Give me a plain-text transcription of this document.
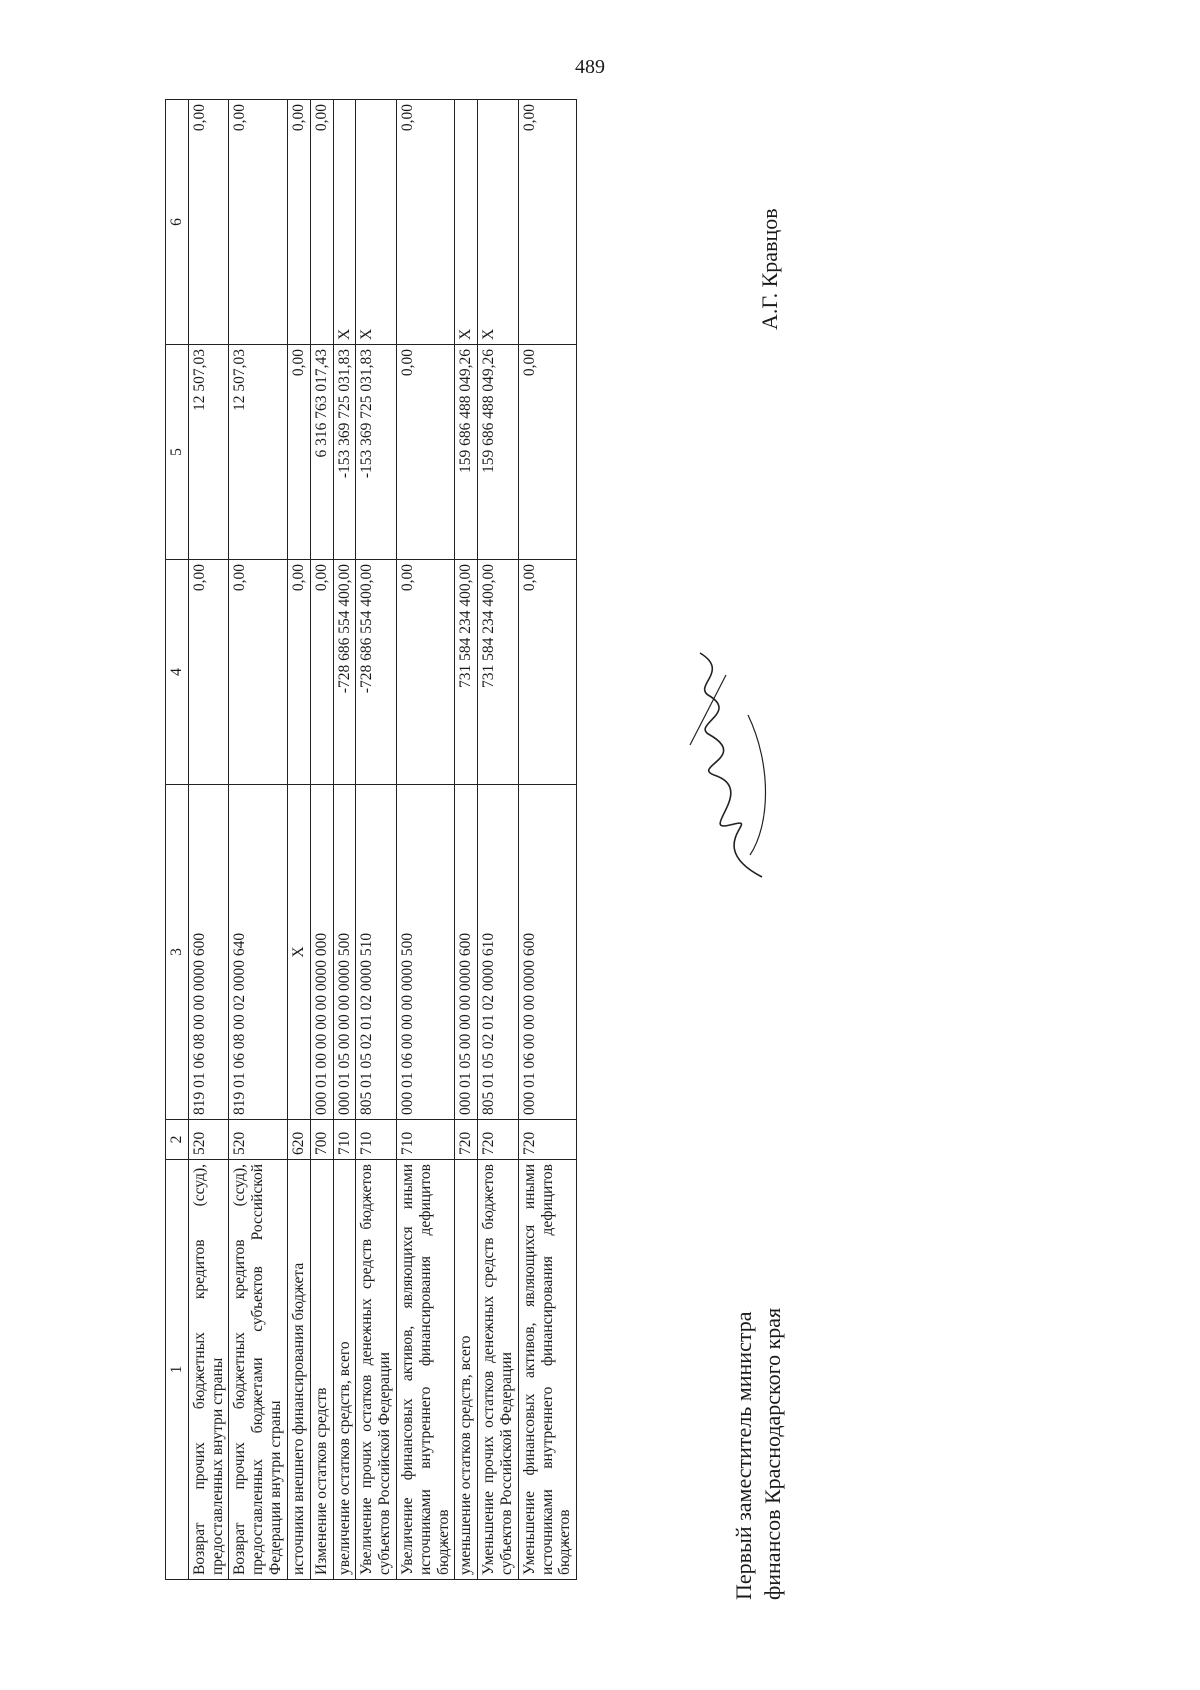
489
1	2	3	4	5	6
Возврат прочих бюджетных кредитов (ссуд), предоставленных внутри страны	520	819 01 06 08 00 00 0000 600	0,00	12 507,03	0,00
Возврат прочих бюджетных кредитов (ссуд), предоставленных бюджетами субъектов Российской Федерации внутри страны	520	819 01 06 08 00 02 0000 640	0,00	12 507,03	0,00
источники внешнего финансирования бюджета	620	X	0,00	0,00	0,00
Изменение остатков средств	700	000 01 00 00 00 00 0000 000	0,00	6 316 763 017,43	0,00
увеличение остатков средств, всего	710	000 01 05 00 00 00 0000 500	-728 686 554 400,00	-153 369 725 031,83	X
Увеличение прочих остатков денежных средств бюджетов субъектов Российской Федерации	710	805 01 05 02 01 02 0000 510	-728 686 554 400,00	-153 369 725 031,83	X
Увеличение финансовых активов, являющихся иными источниками внутреннего финансирования дефицитов бюджетов	710	000 01 06 00 00 00 0000 500	0,00	0,00	0,00
уменьшение остатков средств, всего	720	000 01 05 00 00 00 0000 600	731 584 234 400,00	159 686 488 049,26	X
Уменьшение прочих остатков денежных средств бюджетов субъектов Российской Федерации	720	805 01 05 02 01 02 0000 610	731 584 234 400,00	159 686 488 049,26	X
Уменьшение финансовых активов, являющихся иными источниками внутреннего финансирования дефицитов бюджетов	720	000 01 06 00 00 00 0000 600	0,00	0,00	0,00
Первый заместитель министра финансов Краснодарского края
А.Г. Кравцов
